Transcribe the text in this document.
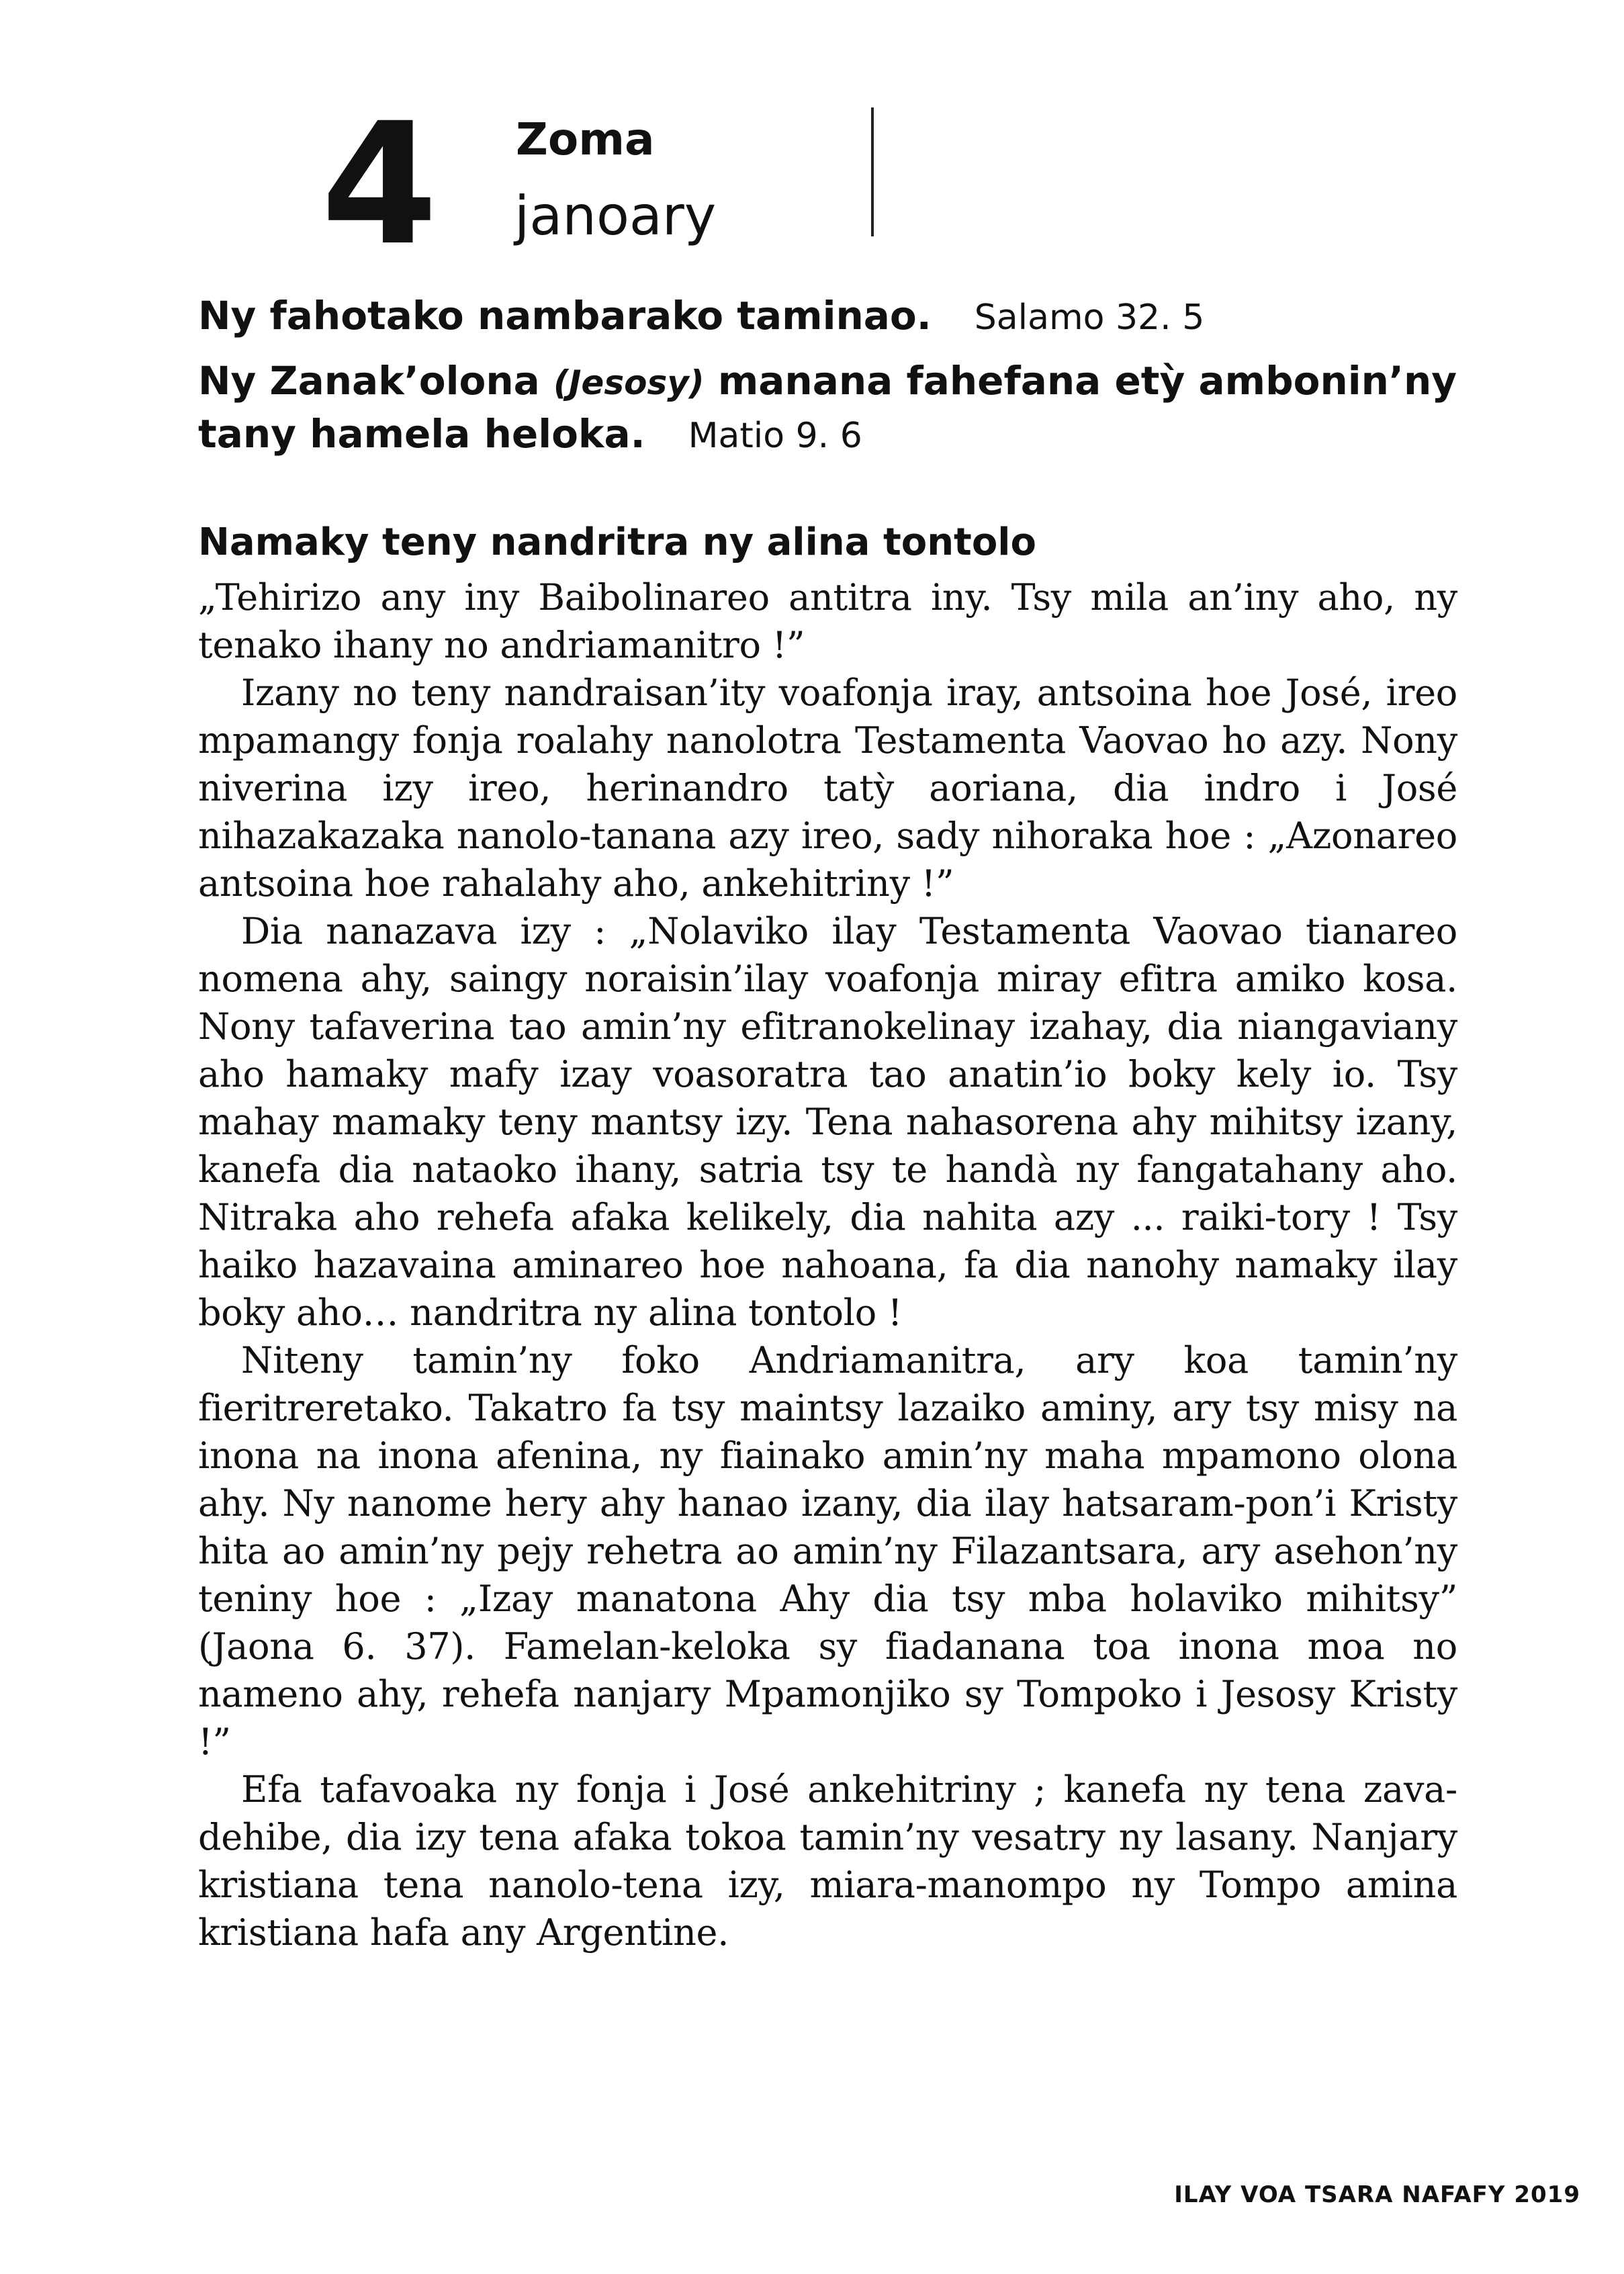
4 Zoma
janoary

Ny fahotako nambarako taminao. Salamo 32. 5

Ny Zanak’olona (Jesosy) manana fahefana etỳ ambonin’ny tany hamela heloka. Matio 9. 6

Namaky teny nandritra ny alina tontolo

„Tehirizo any iny Baibolinareo antitra iny. Tsy mila an’iny aho, ny tenako ihany no andriamanitro !”

Izany no teny nandraisan’ity voafonja iray, antsoina hoe José, ireo mpamangy fonja roalahy nanolotra Testamenta Vaovao ho azy. Nony niverina izy ireo, herinandro tatỳ aoriana, dia indro i José nihazakazaka nanolo-tanana azy ireo, sady nihoraka hoe : „Azonareo antsoina hoe rahalahy aho, ankehitriny !”

Dia nanazava izy : „Nolaviko ilay Testamenta Vaovao tianareo nomena ahy, saingy noraisin’ilay voafonja miray efitra amiko kosa. Nony tafaverina tao amin’ny efitranokelinay izahay, dia niangaviany aho hamaky mafy izay voasoratra tao anatin’io boky kely io. Tsy mahay mamaky teny mantsy izy. Tena nahasorena ahy mihitsy izany, kanefa dia nataoko ihany, satria tsy te handà ny fangatahany aho. Nitraka aho rehefa afaka kelikely, dia nahita azy ... raiki-tory ! Tsy haiko hazavaina aminareo hoe nahoana, fa dia nanohy namaky ilay boky aho… nandritra ny alina tontolo !

Niteny tamin’ny foko Andriamanitra, ary koa tamin’ny fieritreretako. Takatro fa tsy maintsy lazaiko aminy, ary tsy misy na inona na inona afenina, ny fiainako amin’ny maha mpamono olona ahy. Ny nanome hery ahy hanao izany, dia ilay hatsaram-pon’i Kristy hita ao amin’ny pejy rehetra ao amin’ny Filazantsara, ary asehon’ny teniny hoe : „Izay manatona Ahy dia tsy mba holaviko mihitsy” (Jaona 6. 37). Famelan-keloka sy fiadanana toa inona moa no nameno ahy, rehefa nanjary Mpamonjiko sy Tompoko i Jesosy Kristy !”

Efa tafavoaka ny fonja i José ankehitriny ; kanefa ny tena zava-dehibe, dia izy tena afaka tokoa tamin’ny vesatry ny lasany. Nanjary kristiana tena nanolo-tena izy, miara-manompo ny Tompo amina kristiana hafa any Argentine.

ILAY VOA TSARA NAFAFY 2019
